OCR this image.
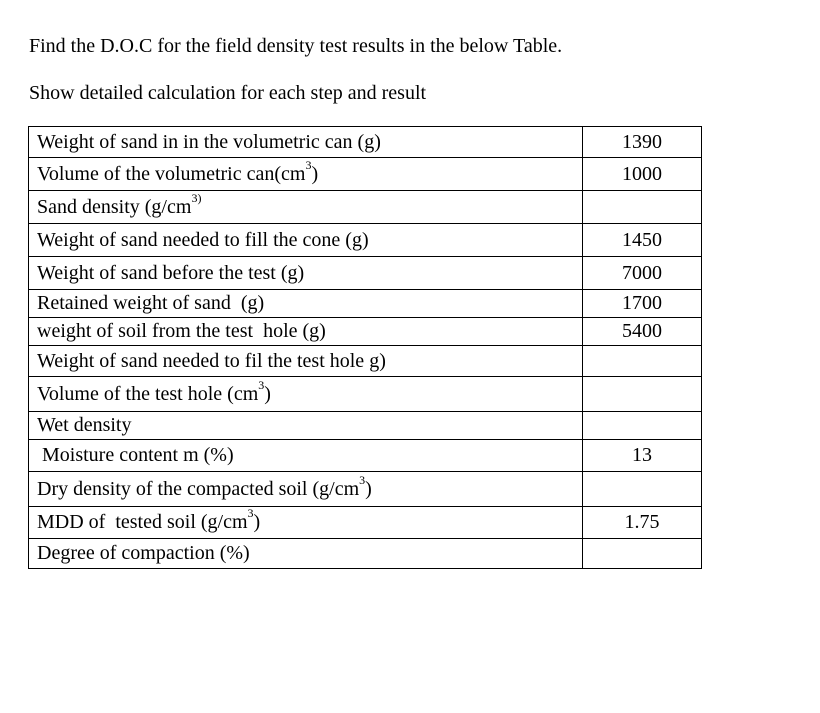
Find the D.O.C for the field density test results in the below Table.
Show detailed calculation for each step and result
Weight of sand in in the volumetric can (g)	1390
Volume of the volumetric $can(cm^3)$	1000
Sand density ($g/cm^{3)}$	
Weight of sand needed to fill the cone (g)	1450
Weight of sand before the test (g)	7000
Retained weight of sand  (g)	1700
weight of soil from the test  hole (g)	5400
Weight of sand needed to fil the test hole g)	
Volume of the test hole $(cm^3)$	
Wet density	
Moisture content m (%)	13
Dry density of the compacted soil $(g/cm^3)$	
MDD of  tested soil $(g/cm^3)$	1.75
Degree of compaction (%)	
